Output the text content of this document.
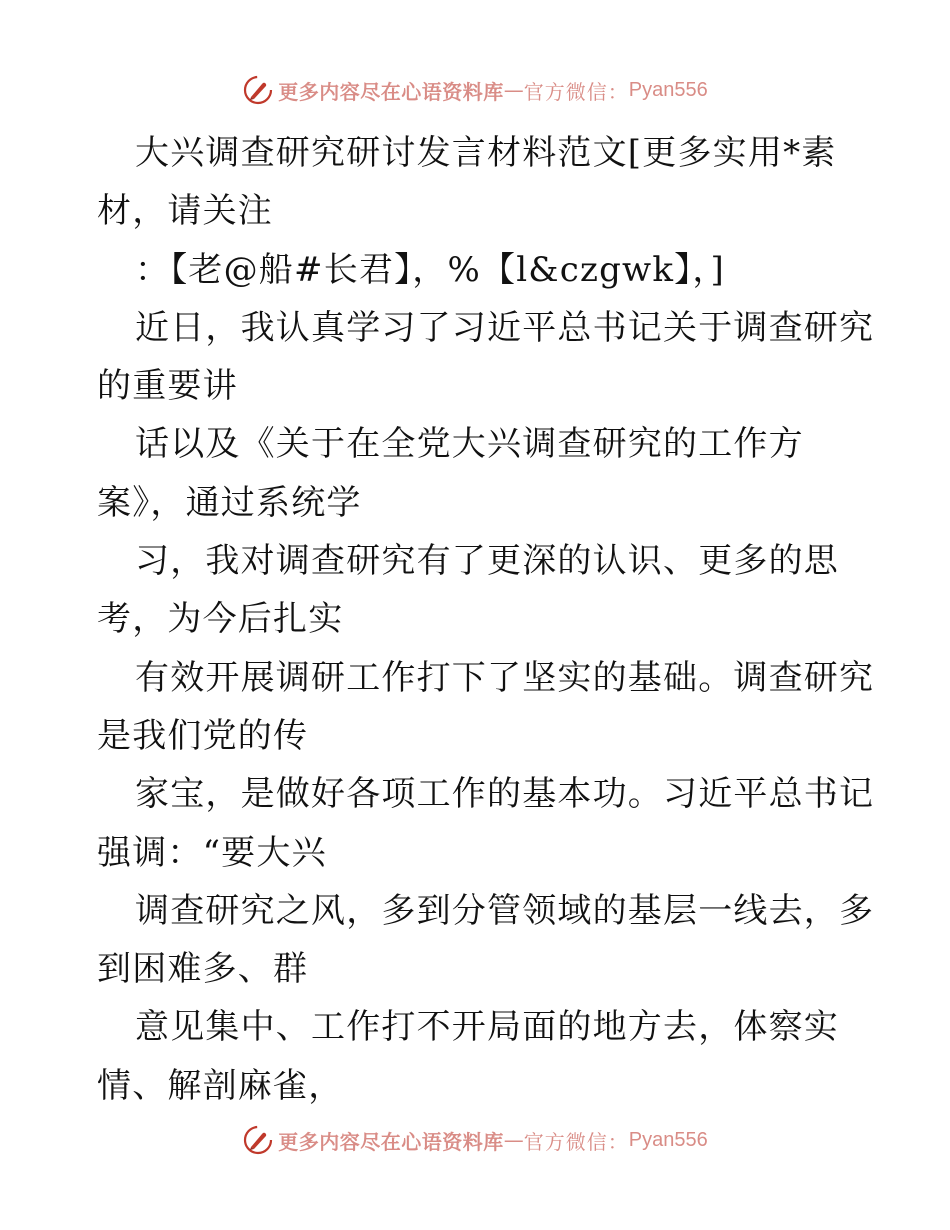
更多内容尽在心语资料库 — 官方微信： Pyan556
大兴调查研究研讨发言材料范文[更多实用*素
材，请关注
：【老@船#长君】，%【l&czgwk】，]
近日，我认真学习了习近平总书记关于调查研究
的重要讲
话以及《关于在全党大兴调查研究的工作方
案》，通过系统学
习，我对调查研究有了更深的认识、更多的思
考，为今后扎实
有效开展调研工作打下了坚实的基础。调查研究
是我们党的传
家宝，是做好各项工作的基本功。习近平总书记
强调：“要大兴
调查研究之风，多到分管领域的基层一线去，多
到困难多、群
意见集中、工作打不开局面的地方去，体察实
情、解剖麻雀，
更多内容尽在心语资料库 — 官方微信： Pyan556
